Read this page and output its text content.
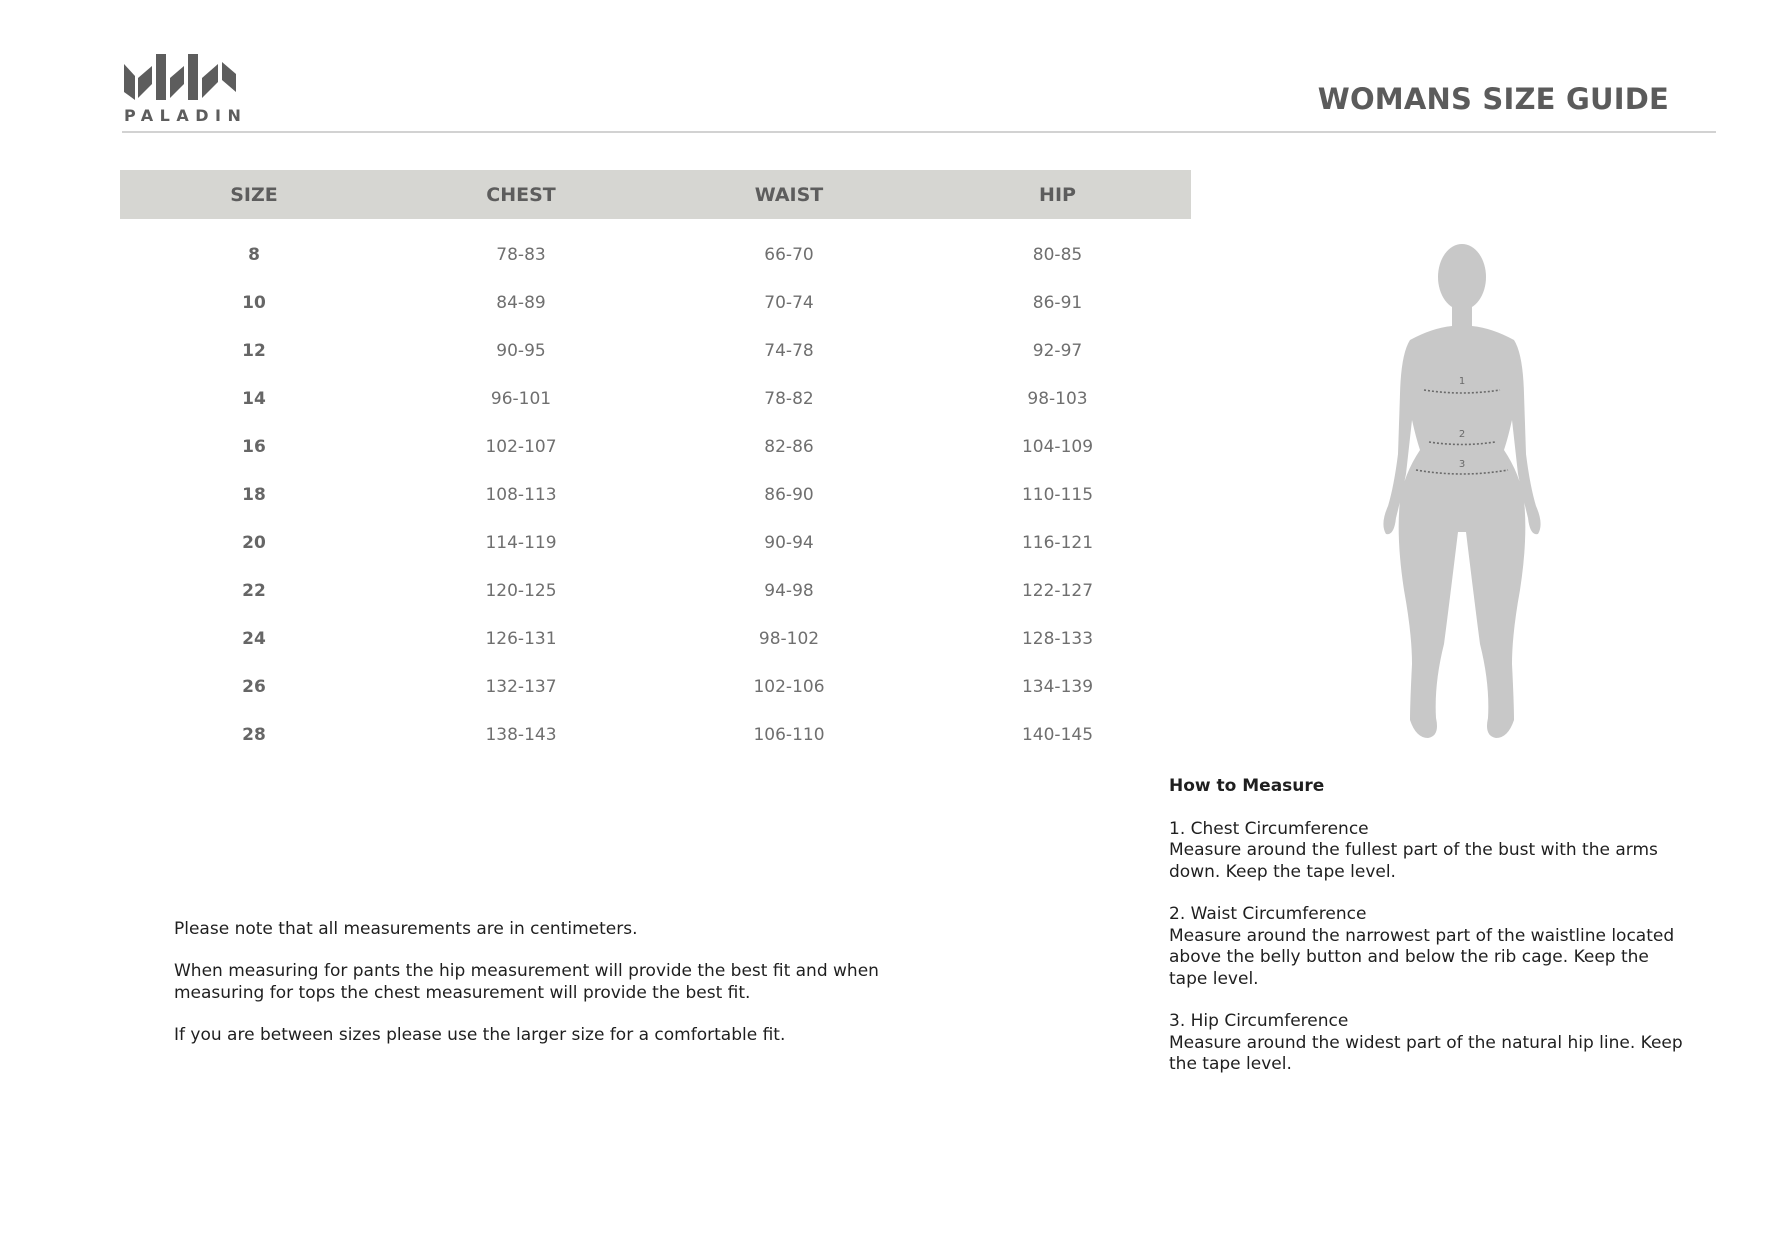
PALADIN	WOMANS SIZE GUIDE
SIZE	CHEST	WAIST	HIP
8	78-83	66-70	80-85
10	84-89	70-74	86-91
12	90-95	74-78	92-97
14	96-101	78-82	98-103
16	102-107	82-86	104-109
18	108-113	86-90	110-115
20	114-119	90-94	116-121
22	120-125	94-98	122-127
24	126-131	98-102	128-133
26	132-137	102-106	134-139
28	138-143	106-110	140-145
1
2
3

Please note that all measurements are in centimeters.

When measuring for pants the hip measurement will provide the best fit and when measuring for tops the chest measurement will provide the best fit.

If you are between sizes please use the larger size for a comfortable fit.

How to Measure
1. Chest Circumference
Measure around the fullest part of the bust with the arms down. Keep the tape level.
2. Waist Circumference
Measure around the narrowest part of the waistline located above the belly button and below the rib cage. Keep the tape level.
3. Hip Circumference
Measure around the widest part of the natural hip line. Keep the tape level.
